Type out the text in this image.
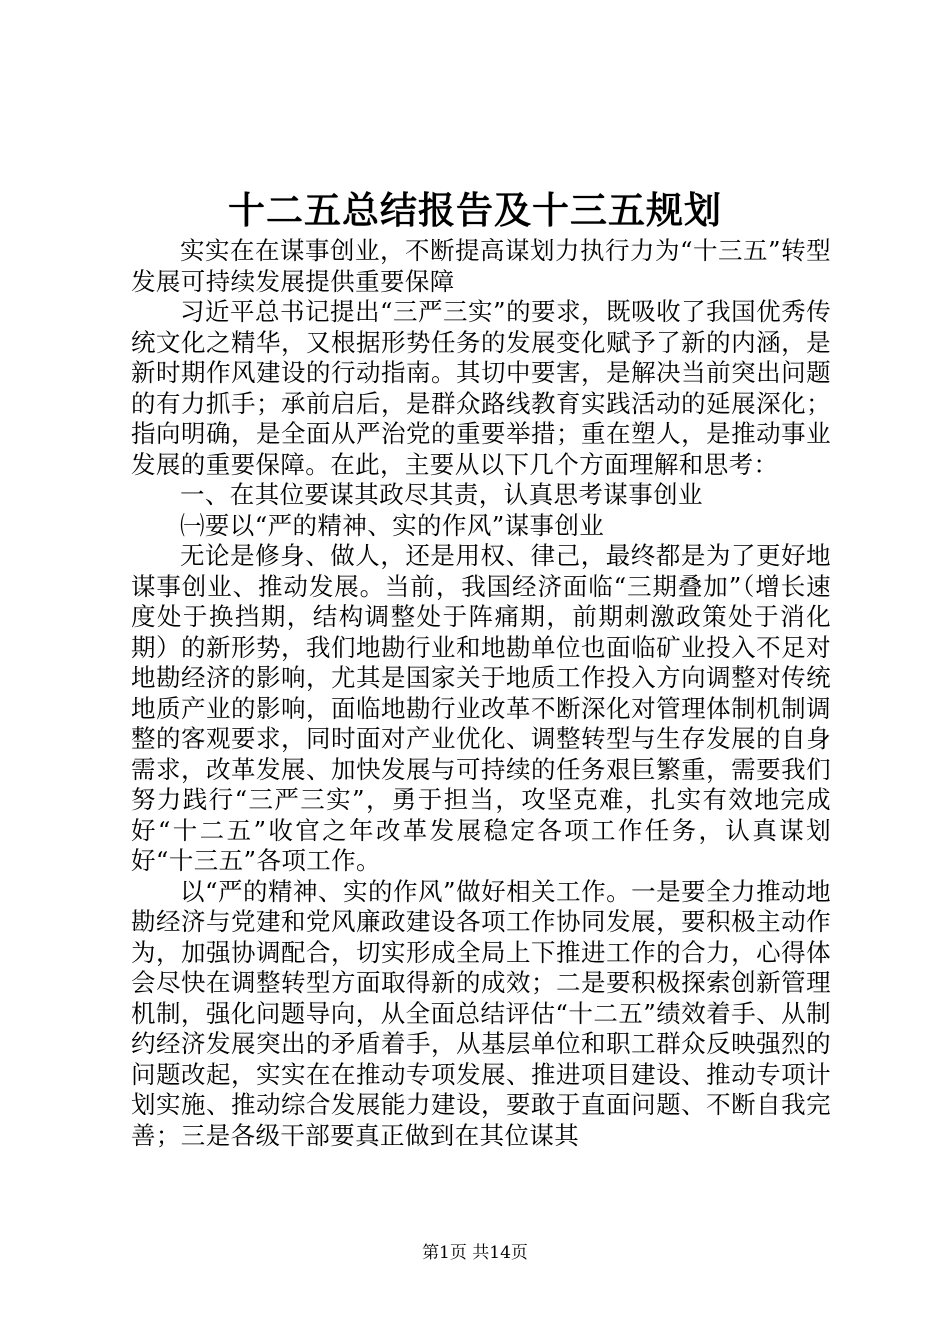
十二五总结报告及十三五规划

实实在在谋事创业，不断提高谋划力执行力为“十三五”转型发展可持续发展提供重要保障

习近平总书记提出“三严三实”的要求，既吸收了我国优秀传统文化之精华，又根据形势任务的发展变化赋予了新的内涵，是新时期作风建设的行动指南。其切中要害，是解决当前突出问题的有力抓手；承前启后，是群众路线教育实践活动的延展深化；指向明确，是全面从严治党的重要举措；重在塑人，是推动事业发展的重要保障。在此，主要从以下几个方面理解和思考：

一、在其位要谋其政尽其责，认真思考谋事创业

㈠要以“严的精神、实的作风”谋事创业

无论是修身、做人，还是用权、律己，最终都是为了更好地谋事创业、推动发展。当前，我国经济面临“三期叠加”（增长速度处于换挡期，结构调整处于阵痛期，前期刺激政策处于消化期）的新形势，我们地勘行业和地勘单位也面临矿业投入不足对地勘经济的影响，尤其是国家关于地质工作投入方向调整对传统地质产业的影响，面临地勘行业改革不断深化对管理体制机制调整的客观要求，同时面对产业优化、调整转型与生存发展的自身需求，改革发展、加快发展与可持续的任务艰巨繁重，需要我们努力践行“三严三实”，勇于担当，攻坚克难，扎实有效地完成好“十二五”收官之年改革发展稳定各项工作任务，认真谋划好“十三五”各项工作。

以“严的精神、实的作风”做好相关工作。一是要全力推动地勘经济与党建和党风廉政建设各项工作协同发展，要积极主动作为，加强协调配合，切实形成全局上下推进工作的合力，心得体会尽快在调整转型方面取得新的成效；二是要积极探索创新管理机制，强化问题导向，从全面总结评估“十二五”绩效着手、从制约经济发展突出的矛盾着手，从基层单位和职工群众反映强烈的问题改起，实实在在推动专项发展、推进项目建设、推动专项计划实施、推动综合发展能力建设，要敢于直面问题、不断自我完善；三是各级干部要真正做到在其位谋其

第1页 共14页
